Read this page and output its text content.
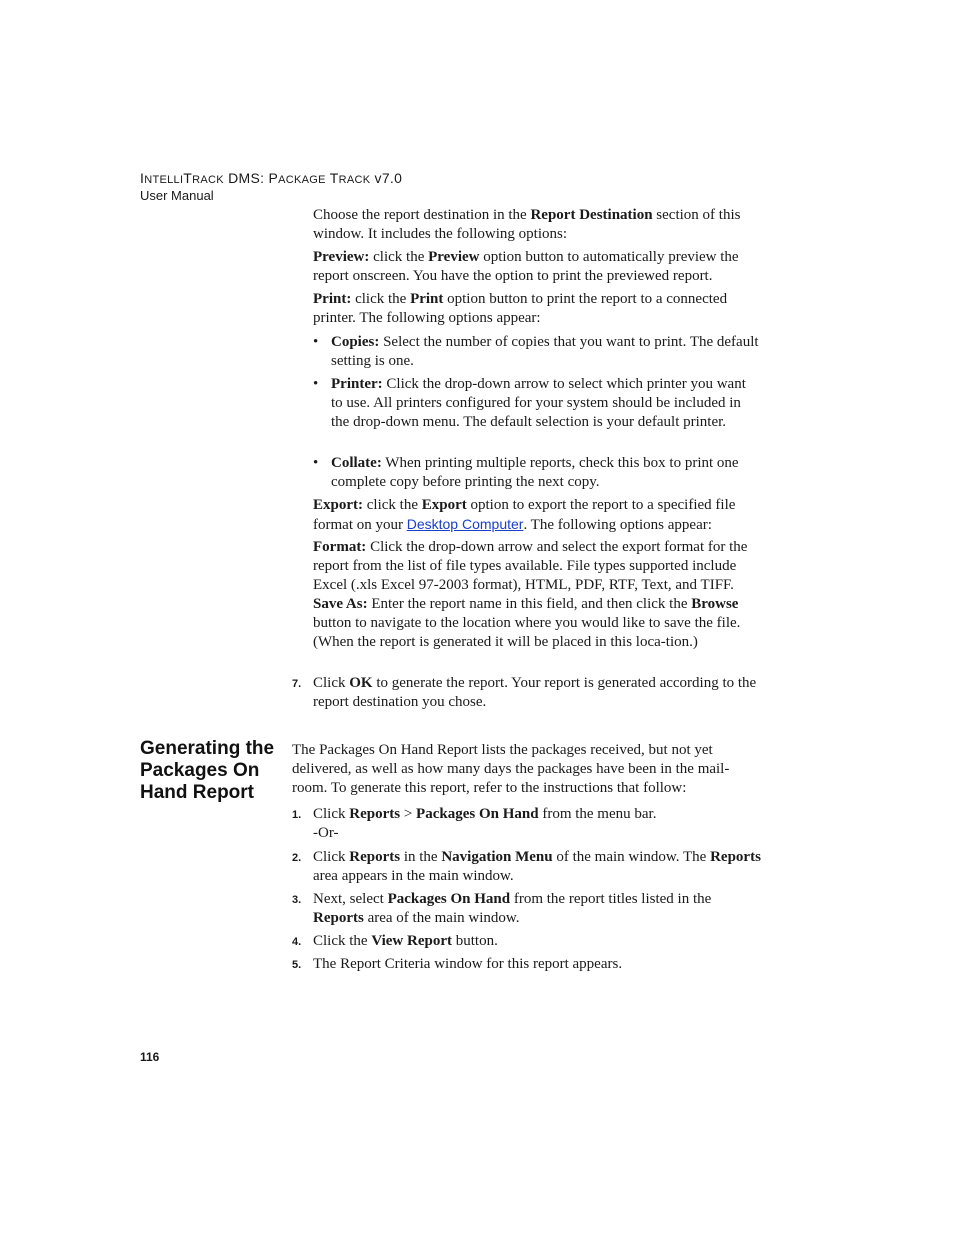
INTELLITRACK DMS: PACKAGE TRACK v7.0
User Manual

Choose the report destination in the Report Destination section of this window. It includes the following options:

Preview: click the Preview option button to automatically preview the report onscreen. You have the option to print the previewed report.

Print: click the Print option button to print the report to a connected printer. The following options appear:

• Copies: Select the number of copies that you want to print. The default setting is one.
• Printer: Click the drop-down arrow to select which printer you want to use. All printers configured for your system should be included in the drop-down menu. The default selection is your default printer.
• Collate: When printing multiple reports, check this box to print one complete copy before printing the next copy.

Export: click the Export option to export the report to a specified file format on your Desktop Computer. The following options appear:

Format: Click the drop-down arrow and select the export format for the report from the list of file types available. File types supported include Excel (.xls Excel 97-2003 format), HTML, PDF, RTF, Text, and TIFF. Save As: Enter the report name in this field, and then click the Browse button to navigate to the location where you would like to save the file. (When the report is generated it will be placed in this loca-tion.)

7. Click OK to generate the report. Your report is generated according to the report destination you chose.
Generating the Packages On Hand Report

The Packages On Hand Report lists the packages received, but not yet delivered, as well as how many days the packages have been in the mail-room. To generate this report, refer to the instructions that follow:

1. Click Reports > Packages On Hand from the menu bar.
-Or-
2. Click Reports in the Navigation Menu of the main window. The Reports area appears in the main window.
3. Next, select Packages On Hand from the report titles listed in the Reports area of the main window.
4. Click the View Report button.
5. The Report Criteria window for this report appears.
116
